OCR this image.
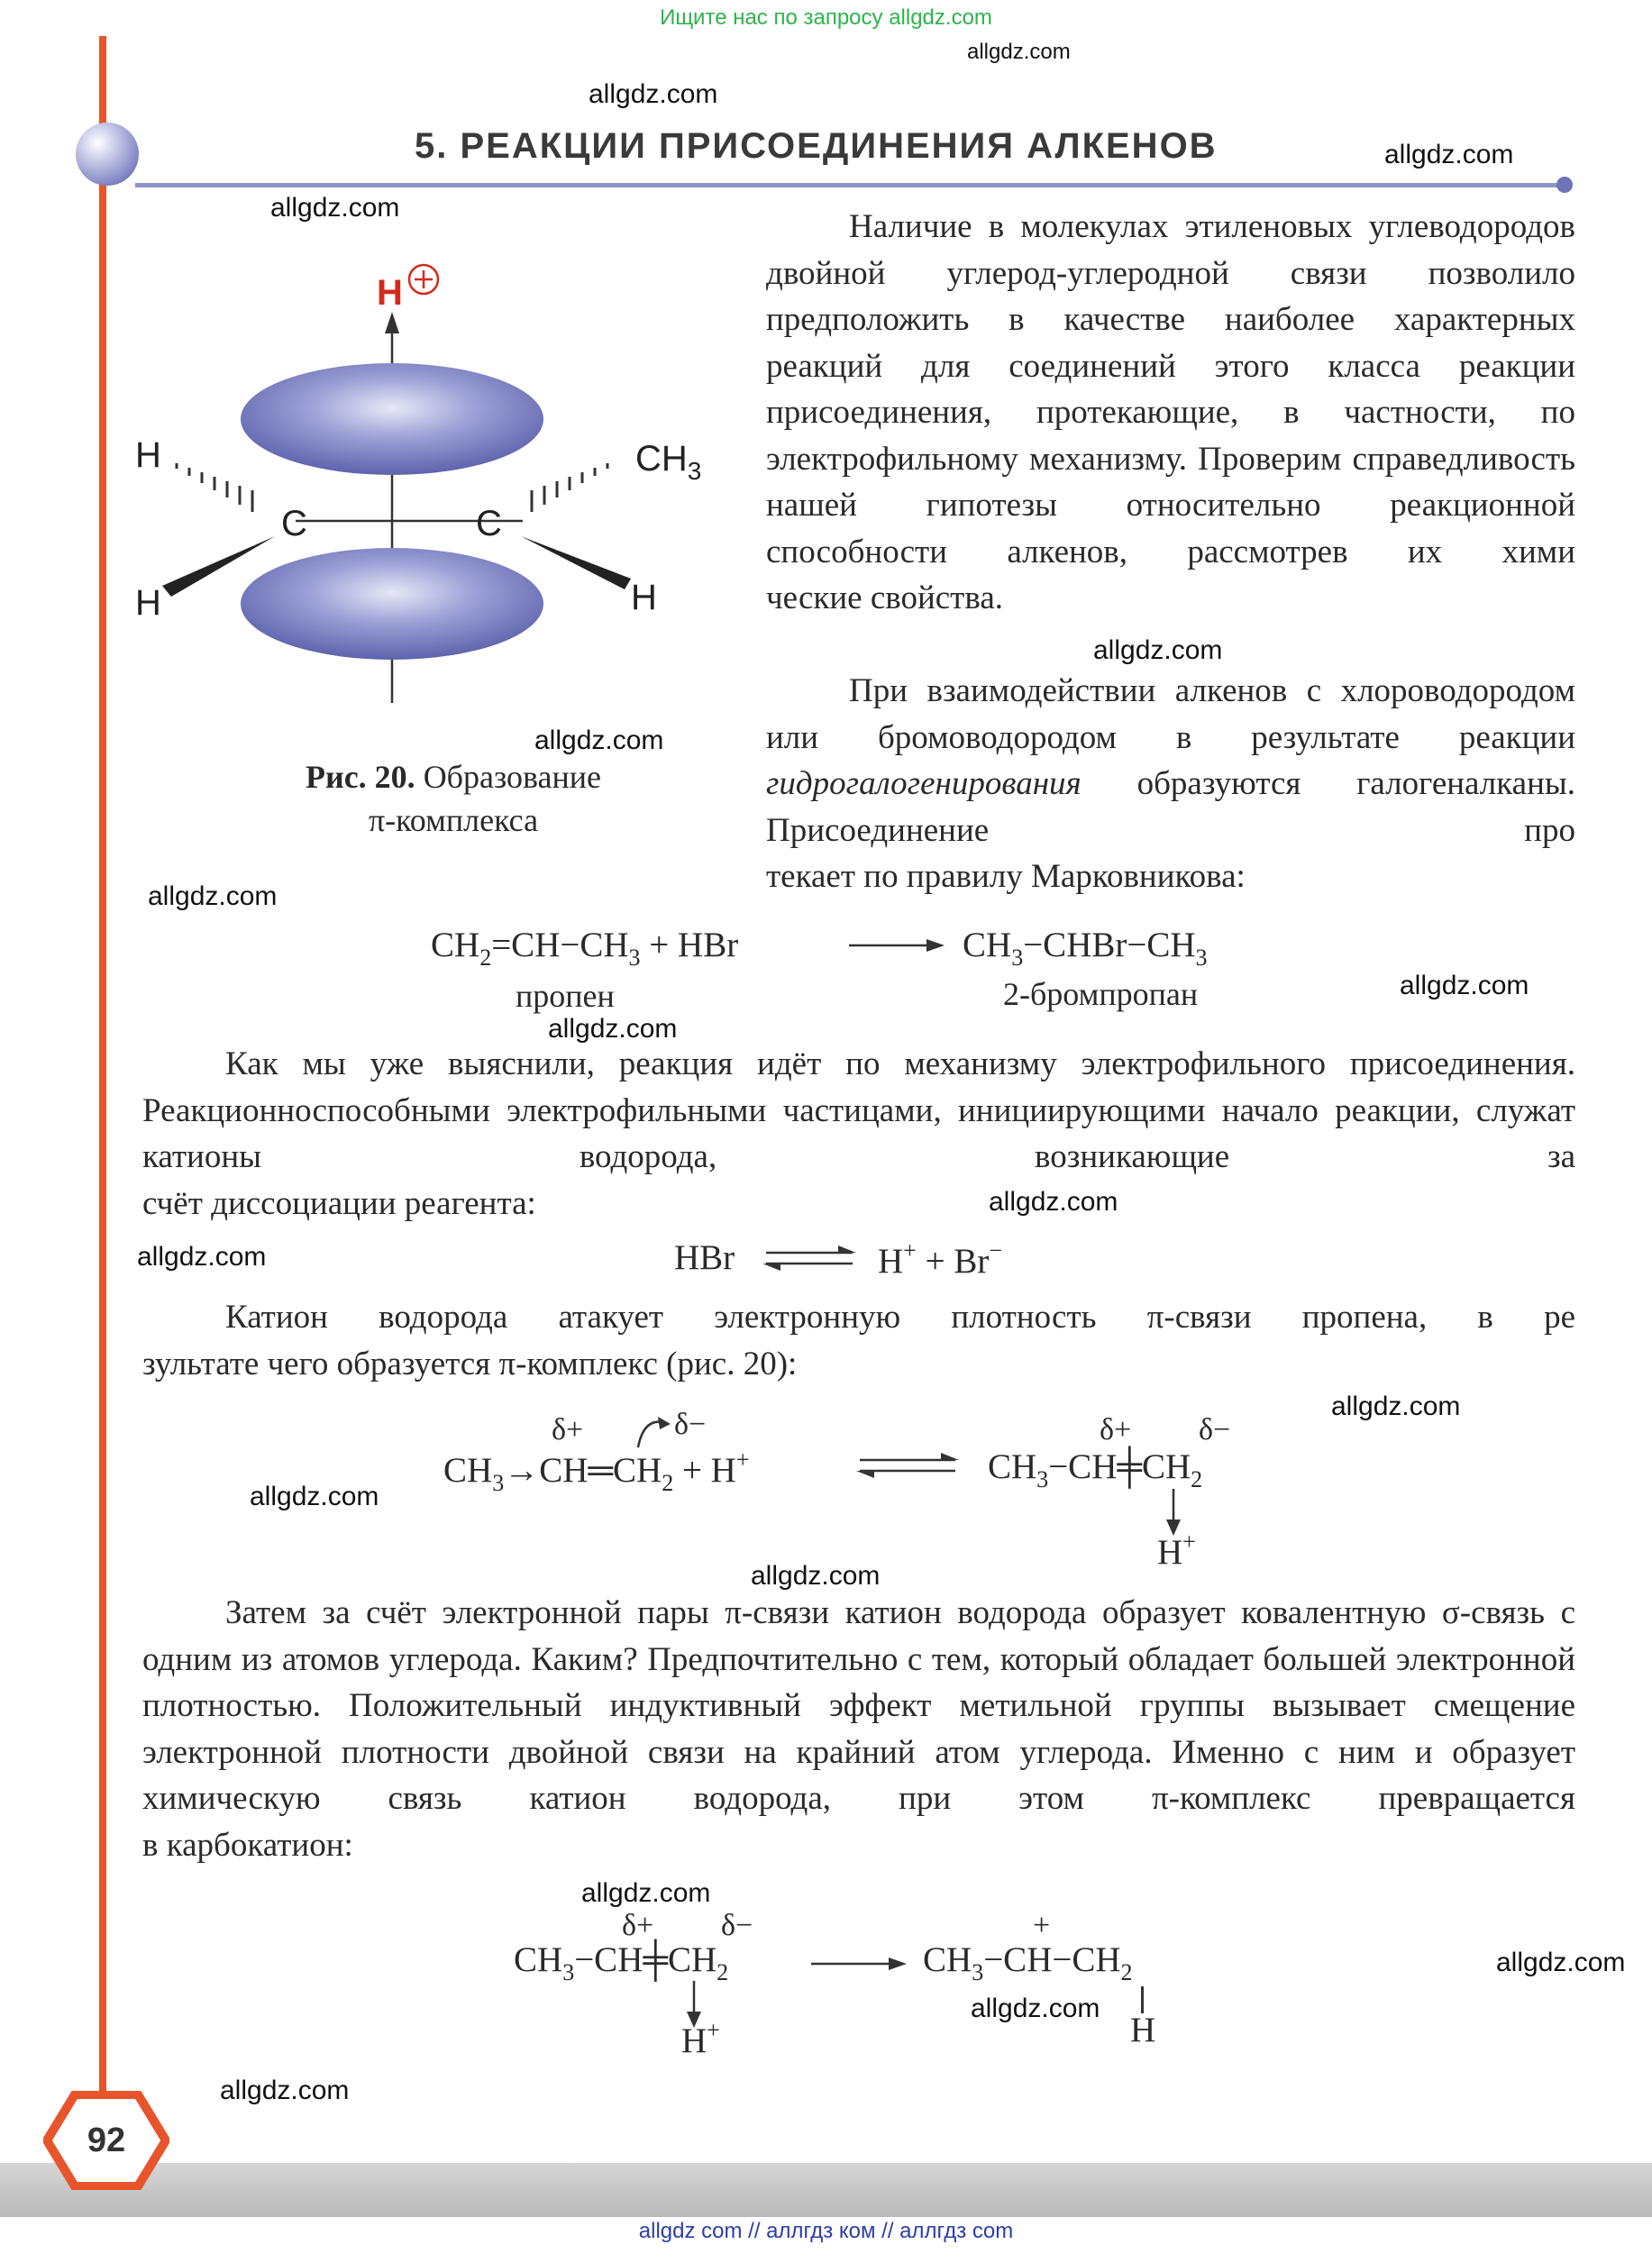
Ищите нас по запросу allgdz.com
allgdz.com
allgdz.com
allgdz.com
allgdz.com
allgdz.com
allgdz.com
allgdz.com
allgdz.com
allgdz.com
allgdz.com
allgdz.com
allgdz.com
allgdz.com
allgdz.com
allgdz.com
allgdz.com
allgdz.com
allgdz.com
5. РЕАКЦИИ ПРИСОЕДИНЕНИЯ АЛКЕНОВ
H
H
H
C	C
$CH_3$
H
Рис. 20. Образование
π-комплекса
Наличие в молекулах этиленовых углеводородов двойной углерод-углеродной связи позволило предположить в качестве наиболее характерных реакций для соединений этого класса реакции присоединения, протекающие, в частности, по электрофильному механизму. Проверим справедливость нашей гипотезы относительно реакционной способности алкенов, рассмотрев их хими
ческие свойства.
При взаимодействии алкенов с хлороводородом или бромоводородом в результате реакции гидрогалогенирования образуются галогеналканы. Присоединение про
текает по правилу Марковникова:
$CH_2=CH-CH_3$ + HBr	$CH_3-CHBr-CH_3$
пропен	2-бромпропан
Как мы уже выяснили, реакция идёт по механизму электрофильного присоединения. Реакционноспособными электрофильными частицами, инициирующими начало реакции, служат катионы водорода, возникающие за
счёт диссоциации реагента:
HBr	H+ + Br−
Катион водорода атакует электронную плотность π-связи пропена, в ре
зультате чего образуется π-комплекс (рис. 20):
δ+	δ−
$CH_3\to CH═CH_2 + H^+$
δ+ δ−
$CH_3-CH╪CH_2$
H+
Затем за счёт электронной пары π-связи катион водорода образует ковалентную σ-связь с одним из атомов углерода. Каким? Предпочтительно с тем, который обладает большей электронной плотностью. Положительный индуктивный эффект метильной группы вызывает смещение электронной плотности двойной связи на крайний атом углерода. Именно с ним и образует химическую связь катион водорода, при этом π-комплекс превращается
в карбокатион:
δ+ δ−
$CH_3-CH╪CH_2$
H+
+
$CH_3-CH-CH_2$
H
92
allgdz com // аллгдз ком // аллгдз com
